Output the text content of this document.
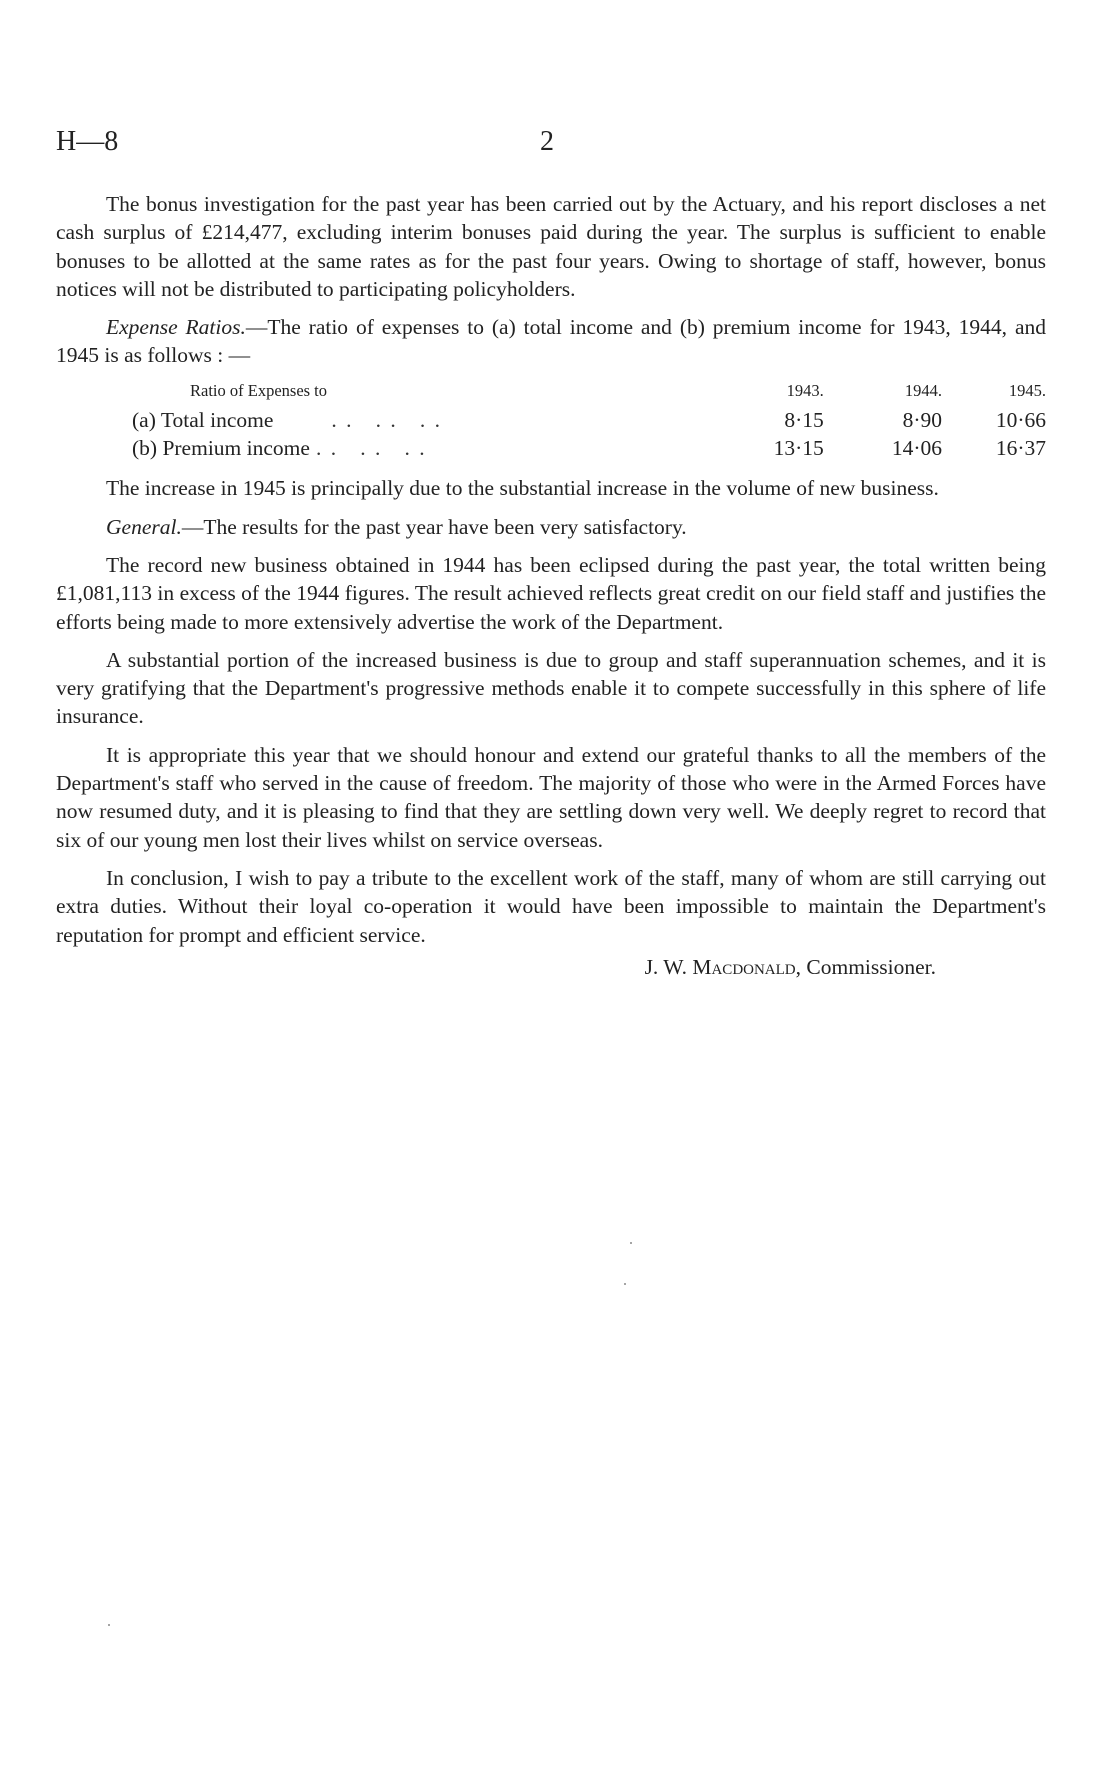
H—8	2

The bonus investigation for the past year has been carried out by the Actuary, and his report discloses a net cash surplus of £214,477, excluding interim bonuses paid during the year. The surplus is sufficient to enable bonuses to be allotted at the same rates as for the past four years. Owing to shortage of staff, however, bonus notices will not be distributed to participating policyholders.

Expense Ratios.—The ratio of expenses to (a) total income and (b) premium income for 1943, 1944, and 1945 is as follows : —

Ratio of Expenses to	1943.	1944.	1945.
(a) Total income . .   . .   . .	8·15	8·90	10·66
(b) Premium income . .   . .   . .	13·15	14·06	16·37

The increase in 1945 is principally due to the substantial increase in the volume of new business.

General.—The results for the past year have been very satisfactory.

The record new business obtained in 1944 has been eclipsed during the past year, the total written being £1,081,113 in excess of the 1944 figures. The result achieved reflects great credit on our field staff and justifies the efforts being made to more extensively advertise the work of the Department.

A substantial portion of the increased business is due to group and staff superannuation schemes, and it is very gratifying that the Department's progressive methods enable it to compete successfully in this sphere of life insurance.

It is appropriate this year that we should honour and extend our grateful thanks to all the members of the Department's staff who served in the cause of freedom. The majority of those who were in the Armed Forces have now resumed duty, and it is pleasing to find that they are settling down very well. We deeply regret to record that six of our young men lost their lives whilst on service overseas.

In conclusion, I wish to pay a tribute to the excellent work of the staff, many of whom are still carrying out extra duties. Without their loyal co-operation it would have been impossible to maintain the Department's reputation for prompt and efficient service.

J. W. Macdonald, Commissioner.
